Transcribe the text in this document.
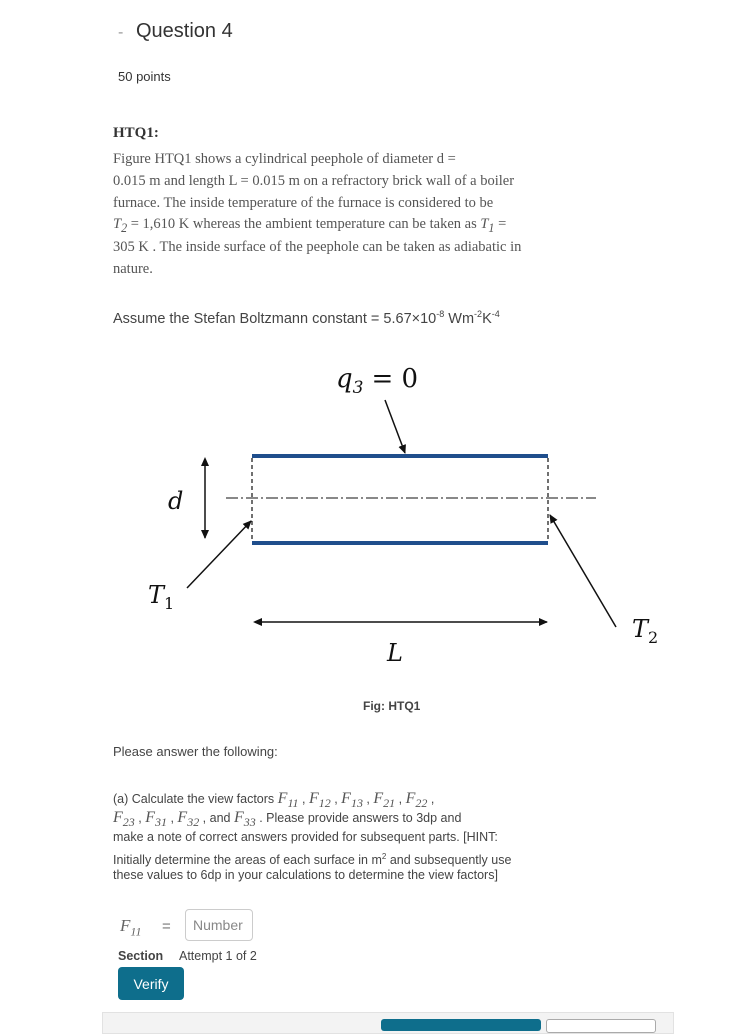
- Question 4
50 points
HTQ1:
Figure HTQ1 shows a cylindrical peephole of diameter d =
0.015 m and length L = 0.015 m on a refractory brick wall of a boiler
furnace. The inside temperature of the furnace is considered to be
$T_2 = 1,610$ K whereas the ambient temperature can be taken as $T_1$ =
305 K . The inside surface of the peephole can be taken as adiabatic in
nature.
Assume the Stefan Boltzmann constant = $5.67\times 10^{-8}$ $Wm^{-2}K^{-4}$
$q_3 = 0$
d
$T_1$
$T_2$
L
Fig: HTQ1
Please answer the following:
(a) Calculate the view factors $F_{11}$ , $F_{12}$ , $F_{13}$ , $F_{21}$ , $F_{22}$ ,
$F_{23}$ , $F_{31}$ , $F_{32}$ , and $F_{33}$ . Please provide answers to 3dp and
make a note of correct answers provided for subsequent parts. [HINT:
Initially determine the areas of each surface in $m^2$ and subsequently use
these values to 6dp in your calculations to determine the view factors]
$F_{11}$ =
Number
Section Attempt 1 of 2
Verify
